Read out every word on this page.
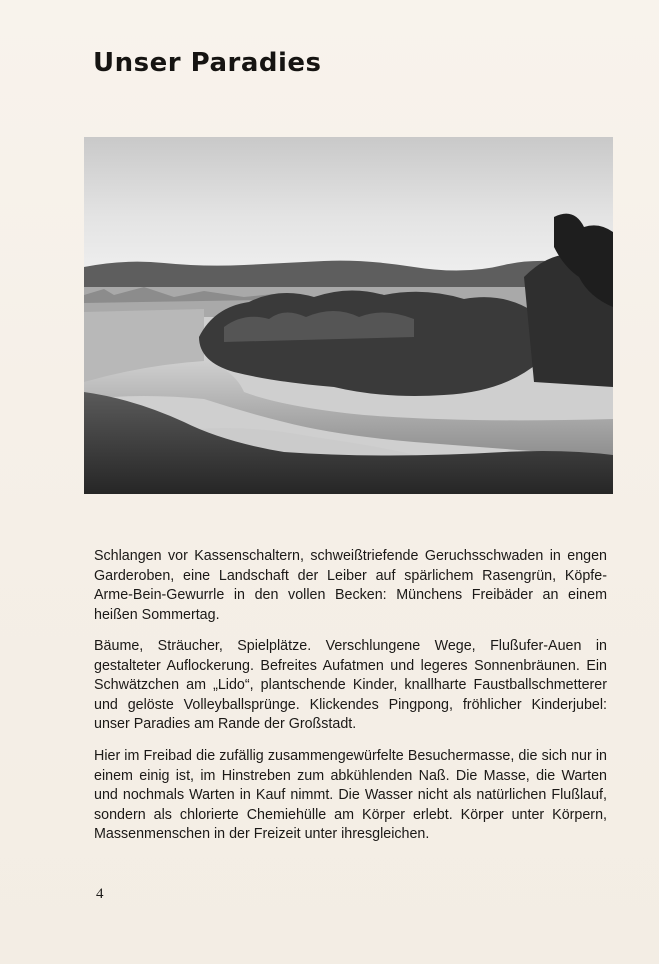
Unser Paradies

Schlangen vor Kassenschaltern, schweißtriefende Geruchsschwaden in engen Garderoben, eine Landschaft der Leiber auf spärlichem Rasengrün, Köpfe-Arme-Bein-Gewurrle in den vollen Becken: Münchens Freibäder an einem heißen Sommertag.

Bäume, Sträucher, Spielplätze. Verschlungene Wege, Flußufer-Auen in gestalteter Auflockerung. Befreites Aufatmen und legeres Sonnenbräunen. Ein Schwätzchen am „Lido“, plantschende Kinder, knallharte Faustballschmetterer und gelöste Volleyballsprünge. Klickendes Pingpong, fröhlicher Kinderjubel: unser Paradies am Rande der Großstadt.

Hier im Freibad die zufällig zusammengewürfelte Besuchermasse, die sich nur in einem einig ist, im Hinstreben zum abkühlenden Naß. Die Masse, die Warten und nochmals Warten in Kauf nimmt. Die Wasser nicht als natürlichen Flußlauf, sondern als chlorierte Chemiehülle am Körper erlebt. Körper unter Körpern, Massenmenschen in der Freizeit unter ihresgleichen.

4
